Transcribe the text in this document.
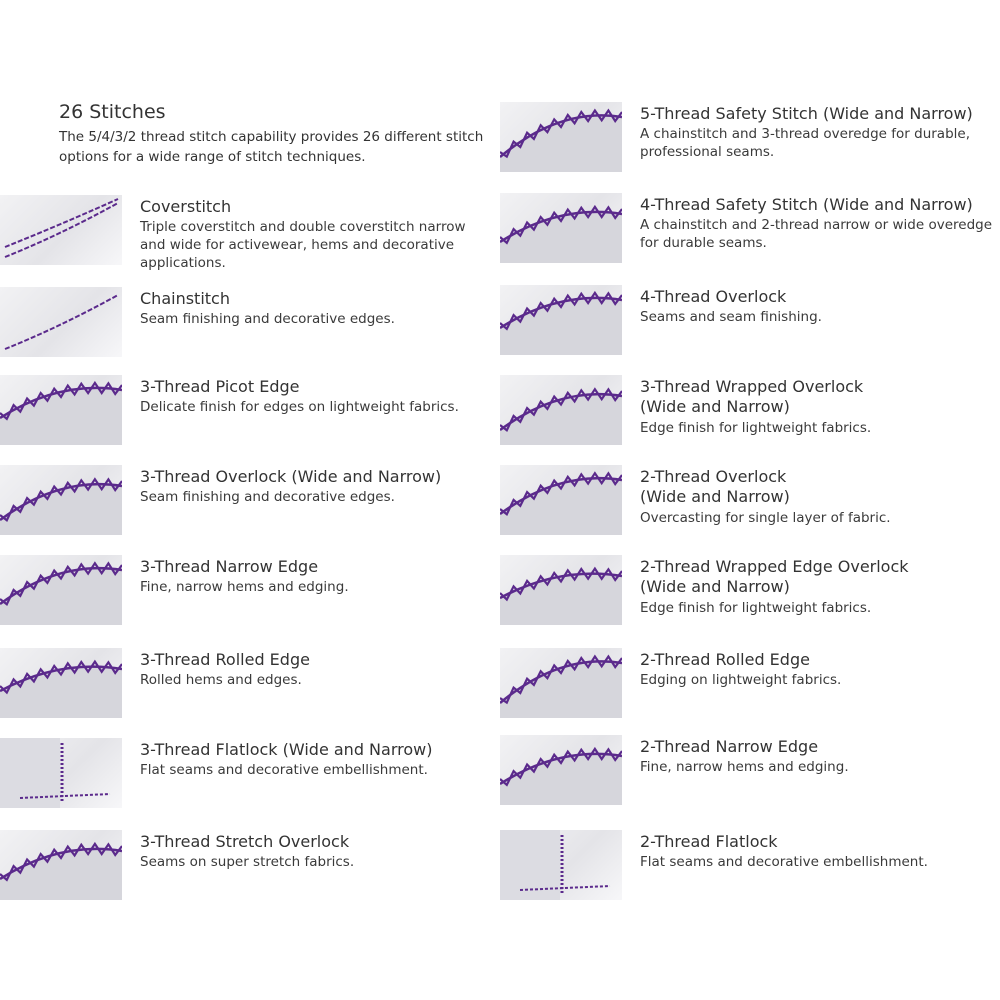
26 Stitches

The 5/4/3/2 thread stitch capability provides 26 different stitch options for a wide range of stitch techniques.

Coverstitch
Triple coverstitch and double coverstitch narrow and wide for activewear, hems and decorative applications.
Chainstitch
Seam finishing and decorative edges.
3-Thread Picot Edge
Delicate finish for edges on lightweight fabrics.
3-Thread Overlock (Wide and Narrow)
Seam finishing and decorative edges.
3-Thread Narrow Edge
Fine, narrow hems and edging.
3-Thread Rolled Edge
Rolled hems and edges.
3-Thread Flatlock (Wide and Narrow)
Flat seams and decorative embellishment.
3-Thread Stretch Overlock
Seams on super stretch fabrics.
5-Thread Safety Stitch (Wide and Narrow)
A chainstitch and 3-thread overedge for durable, professional seams.
4-Thread Safety Stitch (Wide and Narrow)
A chainstitch and 2-thread narrow or wide overedge for durable seams.
4-Thread Overlock
Seams and seam finishing.
3-Thread Wrapped Overlock
(Wide and Narrow)
Edge finish for lightweight fabrics.
2-Thread Overlock
(Wide and Narrow)
Overcasting for single layer of fabric.
2-Thread Wrapped Edge Overlock
(Wide and Narrow)
Edge finish for lightweight fabrics.
2-Thread Rolled Edge
Edging on lightweight fabrics.
2-Thread Narrow Edge
Fine, narrow hems and edging.
2-Thread Flatlock
Flat seams and decorative embellishment.
